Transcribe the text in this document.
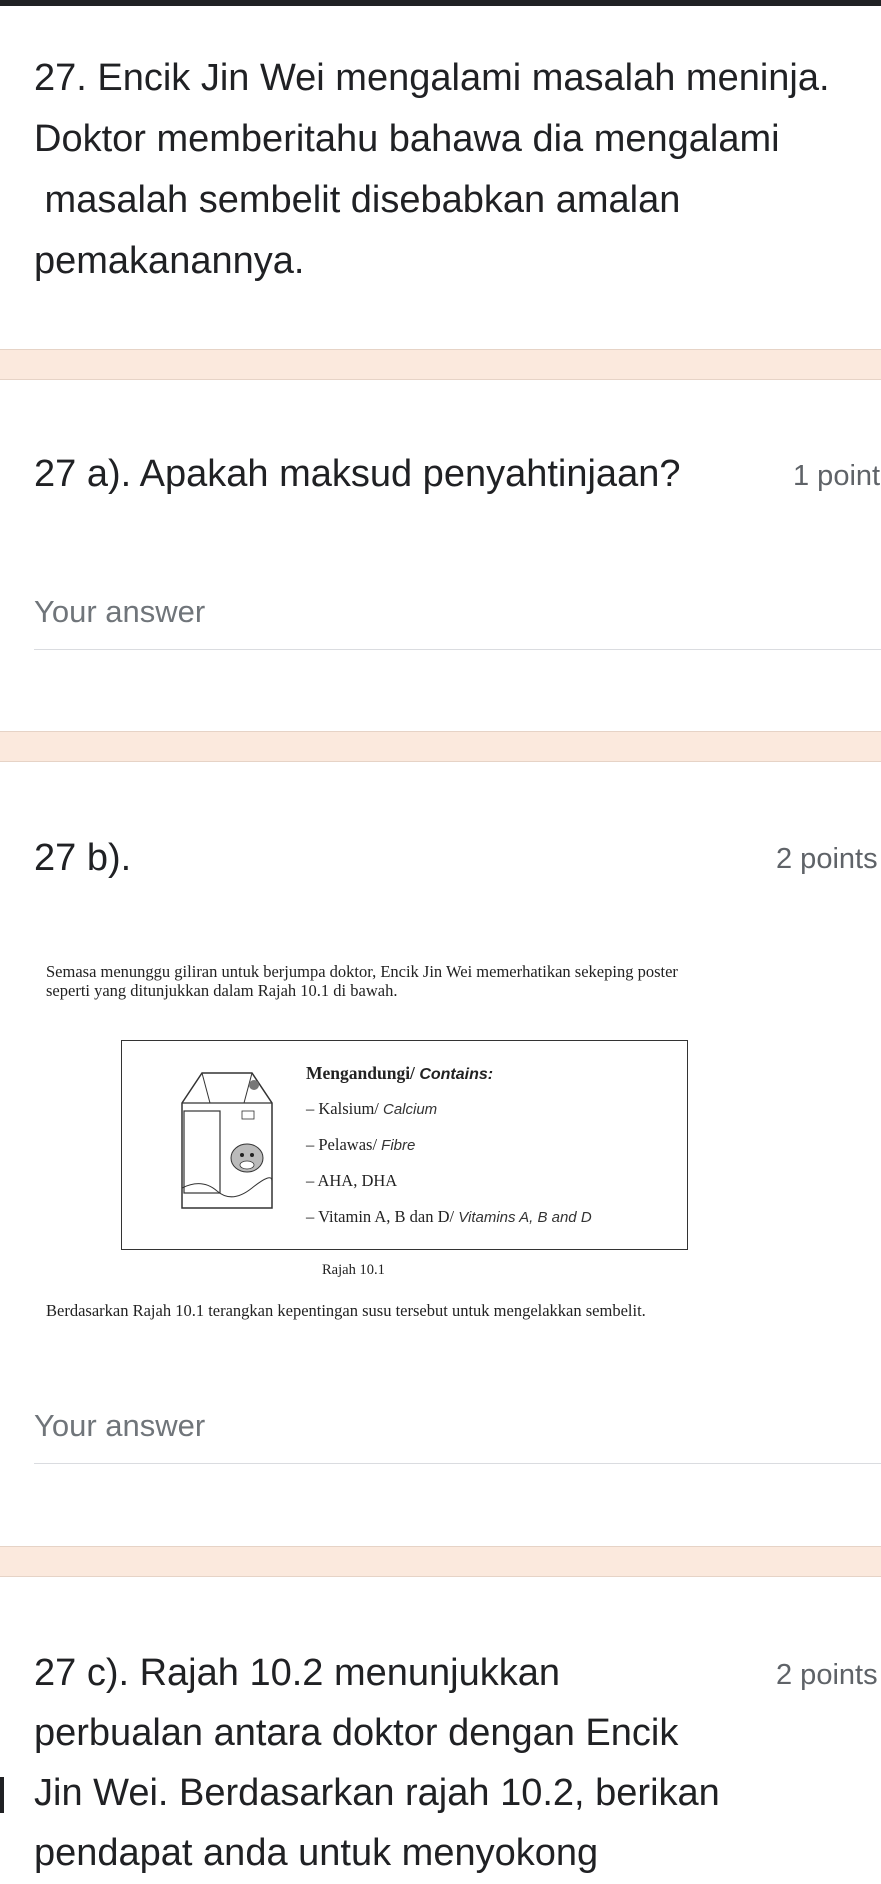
27. Encik Jin Wei mengalami masalah meninja.
Doktor memberitahu bahawa dia mengalami
masalah sembelit disebabkan amalan
pemakanannya.
27 a). Apakah maksud penyahtinjaan?	1 point
Your answer
27 b).	2 points
Semasa menunggu giliran untuk berjumpa doktor, Encik Jin Wei memerhatikan sekeping poster
seperti yang ditunjukkan dalam Rajah 10.1 di bawah.
Mengandungi/ Contains:
– Kalsium/ Calcium
– Pelawas/ Fibre
– AHA, DHA
– Vitamin A, B dan D/ Vitamins A, B and D
Rajah 10.1
Berdasarkan Rajah 10.1 terangkan kepentingan susu tersebut untuk mengelakkan sembelit.
Your answer
27 c). Rajah 10.2 menunjukkan	2 points
perbualan antara doktor dengan Encik
Jin Wei. Berdasarkan rajah 10.2, berikan
pendapat anda untuk menyokong
